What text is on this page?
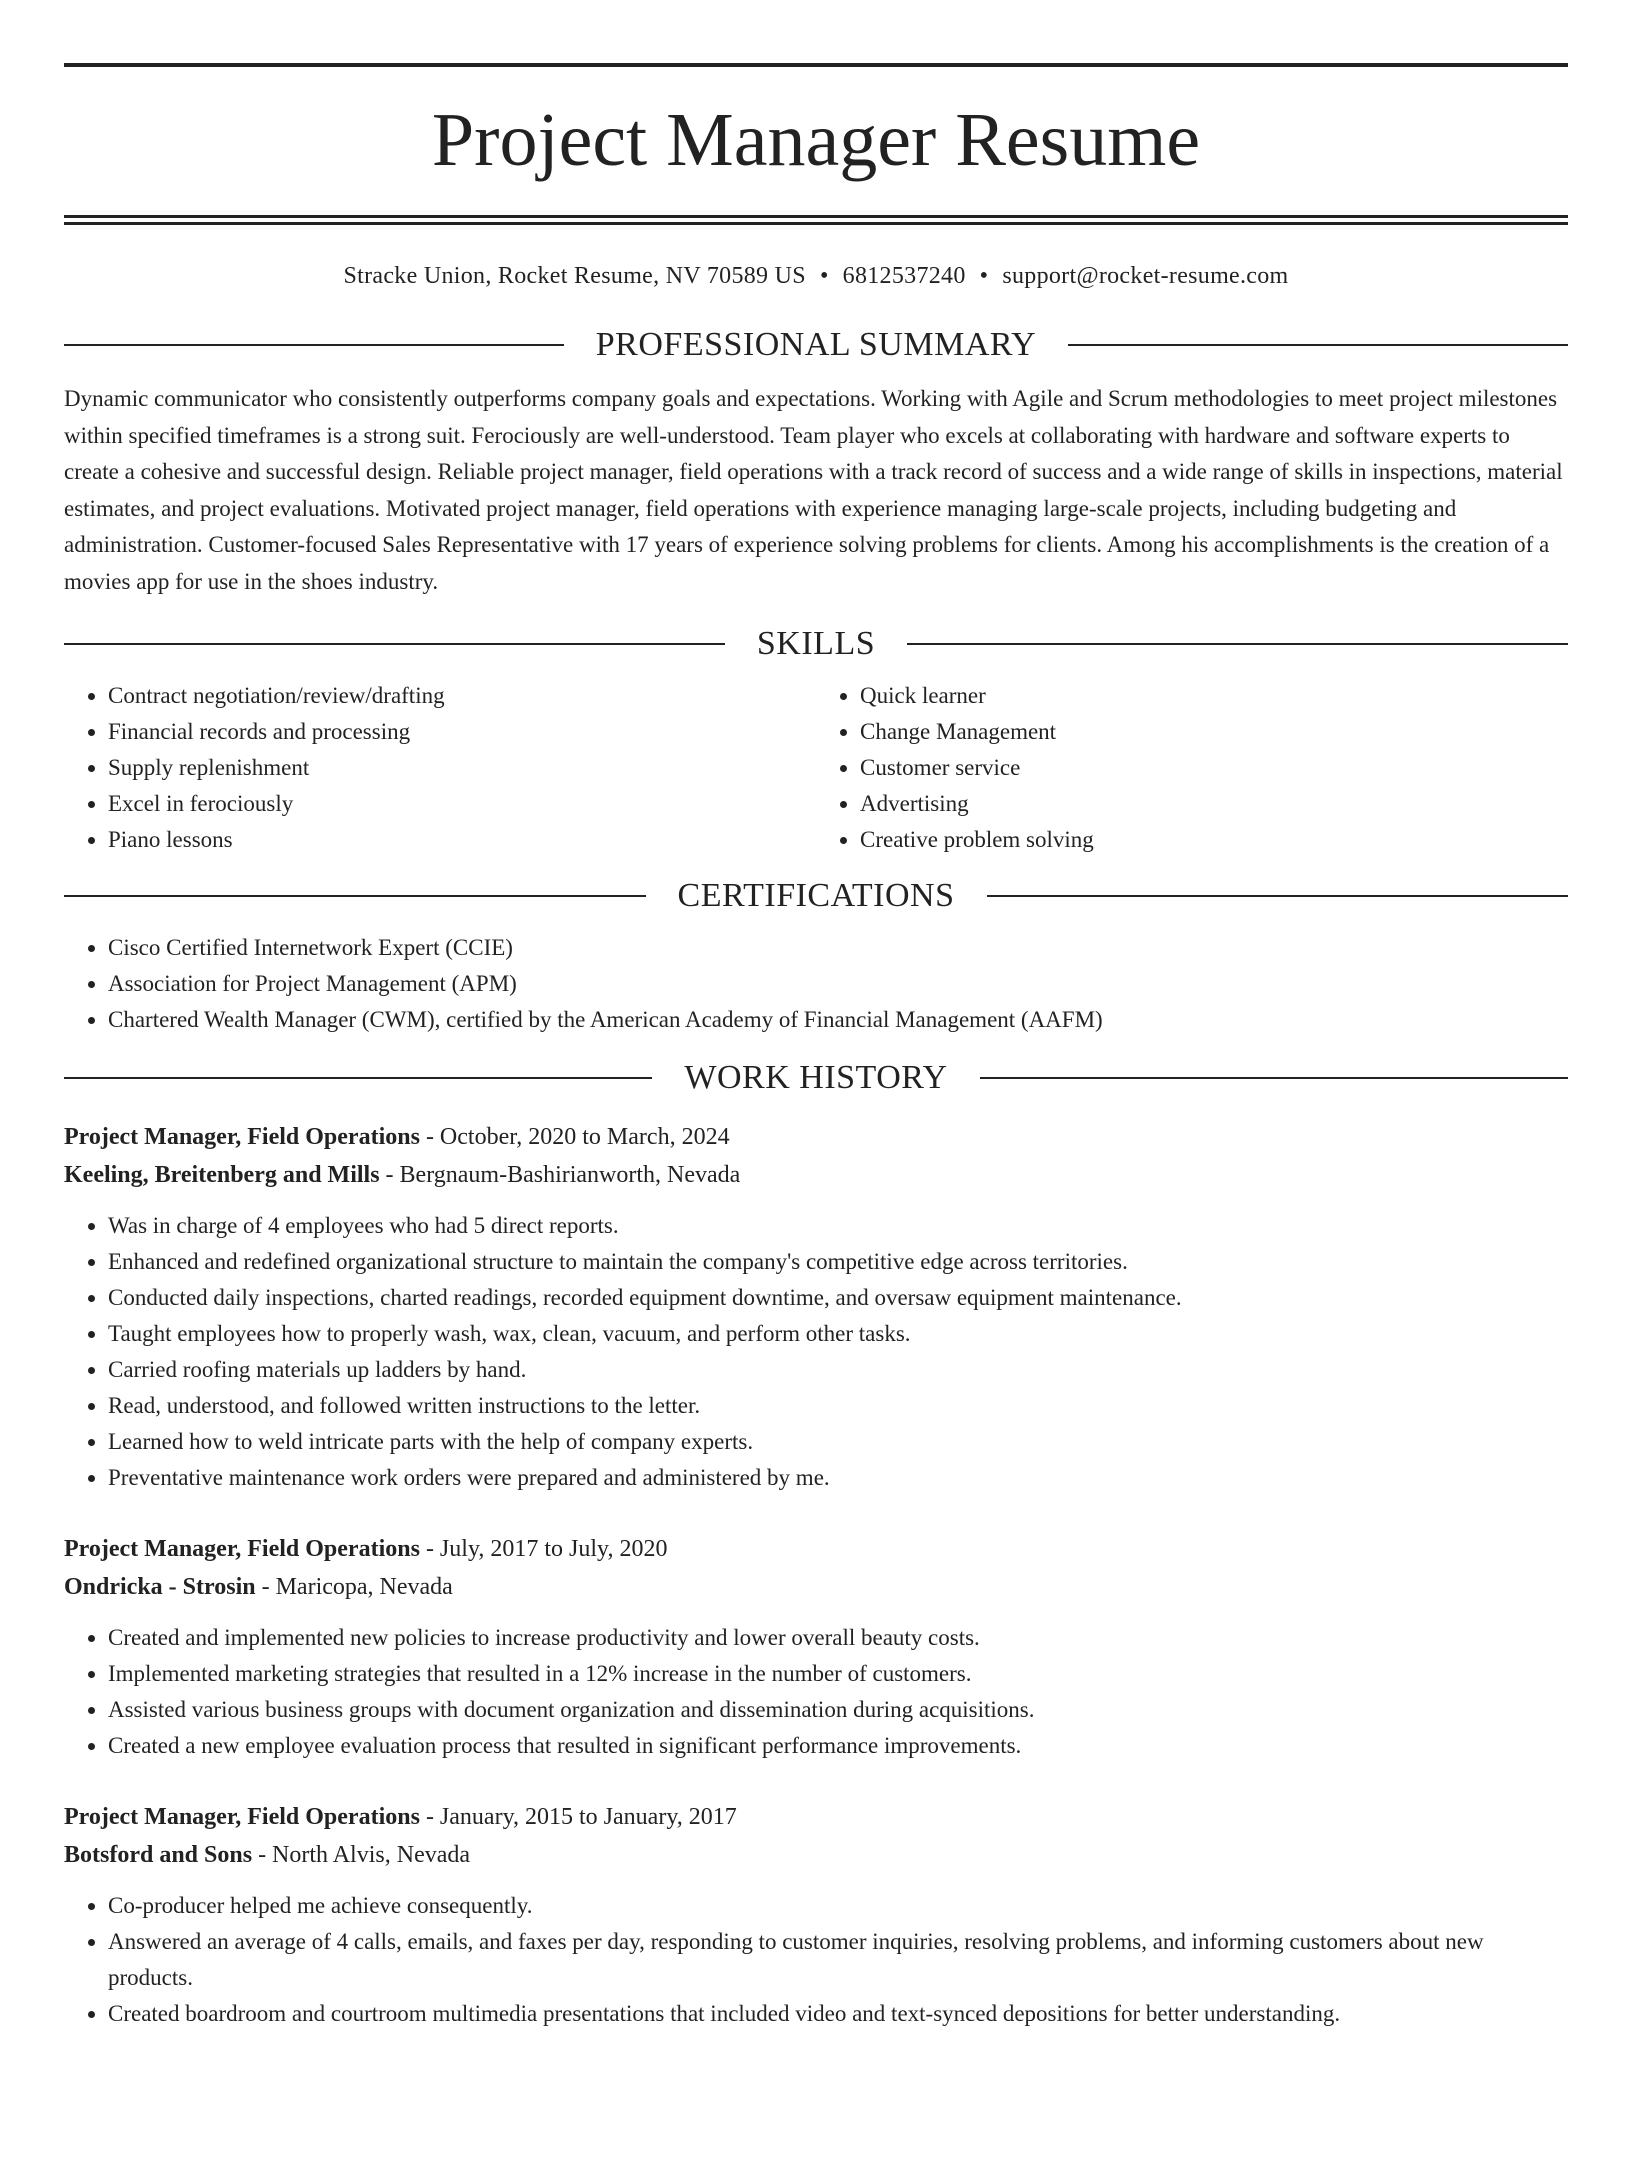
Project Manager Resume
Stracke Union, Rocket Resume, NV 70589 US • 6812537240 • support@rocket-resume.com
PROFESSIONAL SUMMARY

Dynamic communicator who consistently outperforms company goals and expectations. Working with Agile and Scrum methodologies to meet project milestones within specified timeframes is a strong suit. Ferociously are well-understood. Team player who excels at collaborating with hardware and software experts to create a cohesive and successful design. Reliable project manager, field operations with a track record of success and a wide range of skills in inspections, material estimates, and project evaluations. Motivated project manager, field operations with experience managing large-scale projects, including budgeting and administration. Customer-focused Sales Representative with 17 years of experience solving problems for clients. Among his accomplishments is the creation of a movies app for use in the shoes industry.

SKILLS
• Contract negotiation/review/drafting
• Financial records and processing
• Supply replenishment
• Excel in ferociously
• Piano lessons
• Quick learner
• Change Management
• Customer service
• Advertising
• Creative problem solving
CERTIFICATIONS
• Cisco Certified Internetwork Expert (CCIE)
• Association for Project Management (APM)
• Chartered Wealth Manager (CWM), certified by the American Academy of Financial Management (AAFM)
WORK HISTORY
Project Manager, Field Operations - October, 2020 to March, 2024
Keeling, Breitenberg and Mills - Bergnaum-Bashirianworth, Nevada
• Was in charge of 4 employees who had 5 direct reports.
• Enhanced and redefined organizational structure to maintain the company's competitive edge across territories.
• Conducted daily inspections, charted readings, recorded equipment downtime, and oversaw equipment maintenance.
• Taught employees how to properly wash, wax, clean, vacuum, and perform other tasks.
• Carried roofing materials up ladders by hand.
• Read, understood, and followed written instructions to the letter.
• Learned how to weld intricate parts with the help of company experts.
• Preventative maintenance work orders were prepared and administered by me.
Project Manager, Field Operations - July, 2017 to July, 2020
Ondricka - Strosin - Maricopa, Nevada
• Created and implemented new policies to increase productivity and lower overall beauty costs.
• Implemented marketing strategies that resulted in a 12% increase in the number of customers.
• Assisted various business groups with document organization and dissemination during acquisitions.
• Created a new employee evaluation process that resulted in significant performance improvements.
Project Manager, Field Operations - January, 2015 to January, 2017
Botsford and Sons - North Alvis, Nevada
• Co-producer helped me achieve consequently.
• Answered an average of 4 calls, emails, and faxes per day, responding to customer inquiries, resolving problems, and informing customers about new products.
• Created boardroom and courtroom multimedia presentations that included video and text-synced depositions for better understanding.
